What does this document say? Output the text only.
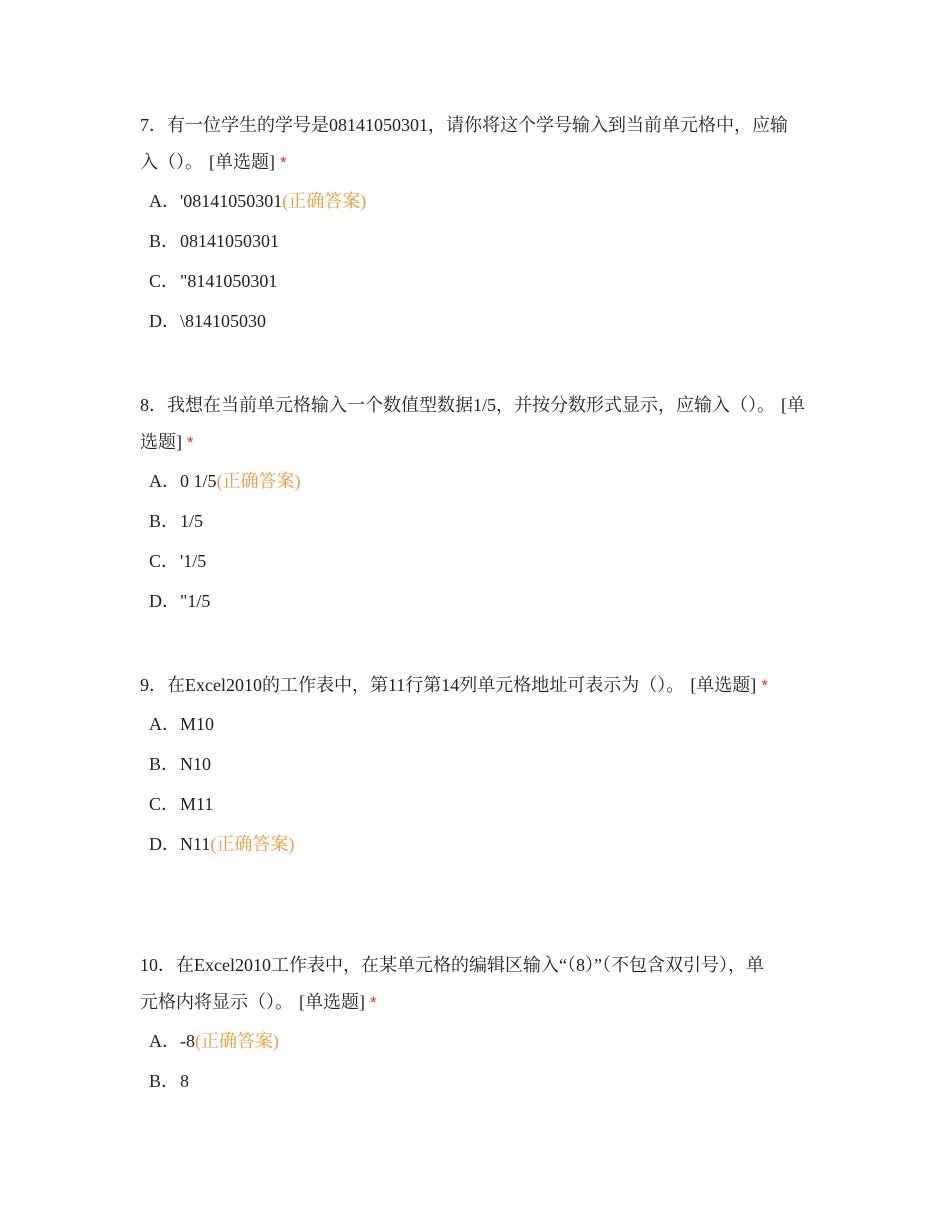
7．有一位学生的学号是08141050301，请你将这个学号输入到当前单元格中，应输入（）。 [单选题] *

A．'08141050301(正确答案)
B．08141050301
C．"8141050301
D．\814105030

8．我想在当前单元格输入一个数值型数据1/5，并按分数形式显示，应输入（）。 [单选题] *

A．0 1/5(正确答案)
B．1/5
C．'1/5
D．"1/5

9．在Excel2010的工作表中，第11行第14列单元格地址可表示为（）。 [单选题] *

A．M10
B．N10
C．M11
D．N11(正确答案)

10．在Excel2010工作表中，在某单元格的编辑区输入“（8）”（不包含双引号），单元格内将显示（）。 [单选题] *

A．-8(正确答案)
B．8
